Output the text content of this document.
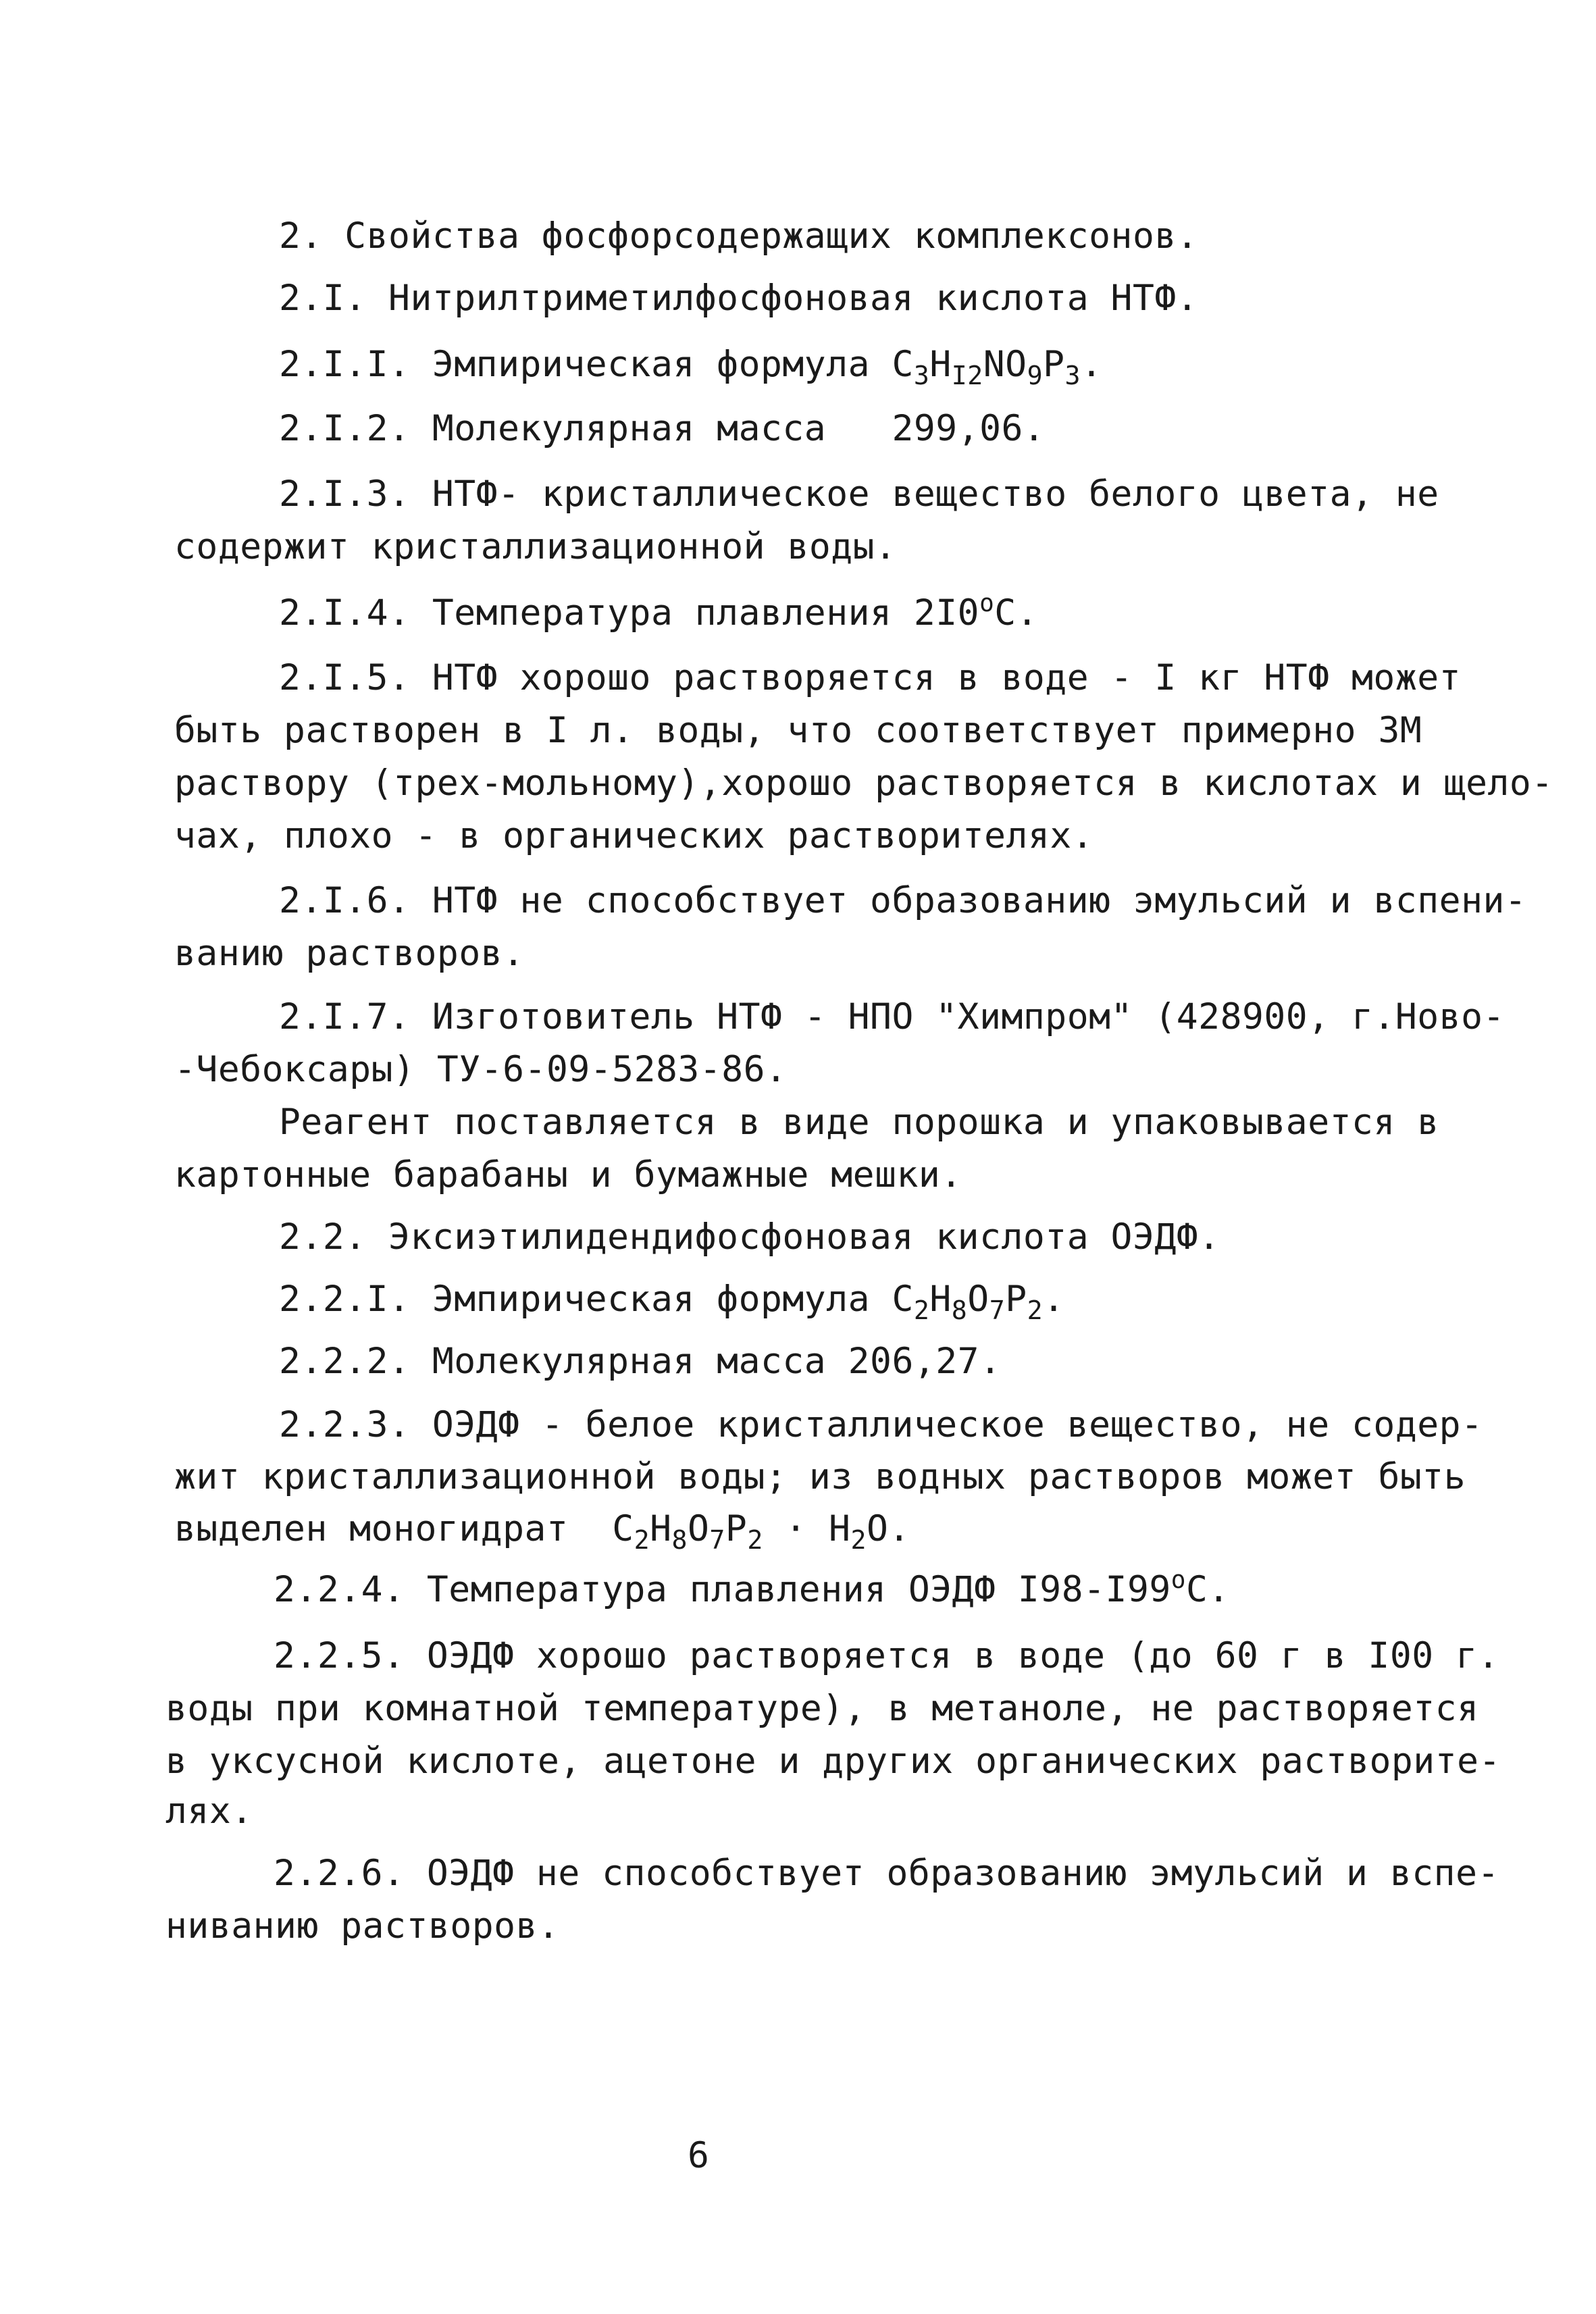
2. Свойства фосфорсодержащих комплексонов.
2.I. Нитрилтриметилфосфоновая кислота НТФ.
2.I.I. Эмпирическая формула $C_3H_{I2}NO_9P_3$.
2.I.2. Молекулярная масса   299,06.
2.I.3. НТФ- кристаллическое вещество белого цвета, не
содержит кристаллизационной воды.
2.I.4. Температура плавления 2I0$^o$C.
2.I.5. НТФ хорошо растворяется в воде - I кг НТФ может
быть растворен в I л. воды, что соответствует примерно 3М
раствору (трех-мольному),хорошо растворяется в кислотах и щело-
чах, плохо - в органических растворителях.
2.I.6. НТФ не способствует образованию эмульсий и вспени-
ванию растворов.
2.I.7. Изготовитель НТФ - НПО "Химпром" (428900, г.Ново-
-Чебоксары) ТУ-6-09-5283-86.
Реагент поставляется в виде порошка и упаковывается в
картонные барабаны и бумажные мешки.
2.2. Эксиэтилидендифосфоновая кислота ОЭДФ.
2.2.I. Эмпирическая формула $C_2H_8O_7P_2$.
2.2.2. Молекулярная масса 206,27.
2.2.3. ОЭДФ - белое кристаллическое вещество, не содер-
жит кристаллизационной воды; из водных растворов может быть
выделен моногидрат $C_2H_8O_7P_2 \cdot H_2O$.
2.2.4. Температура плавления ОЭДФ I98-I99$^o$C.
2.2.5. ОЭДФ хорошо растворяется в воде (до 60 г в I00 г.
воды при комнатной температуре), в метаноле, не растворяется
в уксусной кислоте, ацетоне и других органических растворите-
лях.
2.2.6. ОЭДФ не способствует образованию эмульсий и вспе-
ниванию растворов.
6
